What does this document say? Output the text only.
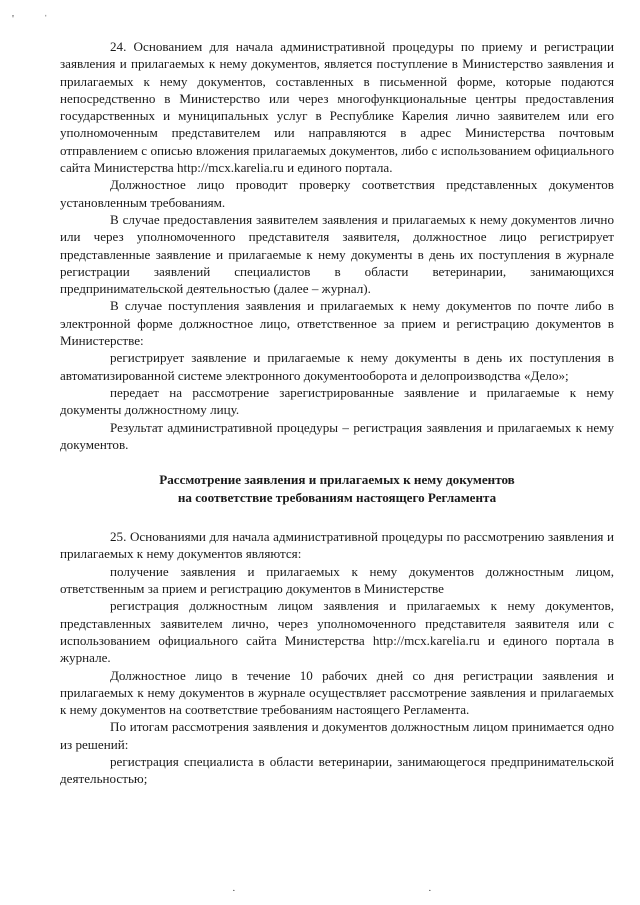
'	ˈ

24. Основанием для начала административной процедуры по приему и регистрации заявления и прилагаемых к нему документов, является поступление в Министерство заявления и прилагаемых к нему документов, составленных в письменной форме, которые подаются непосредственно в Министерство или через многофункциональные центры предоставления государственных и муниципальных услуг в Республике Карелия лично заявителем или его уполномоченным представителем или направляются в адрес Министерства почтовым отправлением с описью вложения прилагаемых документов, либо с использованием официального сайта Министерства http://mcx.karelia.ru и единого портала.

Должностное лицо проводит проверку соответствия представленных документов установленным требованиям.

В случае предоставления заявителем заявления и прилагаемых к нему документов лично или через уполномоченного представителя заявителя, должностное лицо регистрирует представленные заявление и прилагаемые к нему документы в день их поступления в журнале регистрации заявлений специалистов в области ветеринарии, занимающихся предпринимательской деятельностью (далее – журнал).

В случае поступления заявления и прилагаемых к нему документов по почте либо в электронной форме должностное лицо, ответственное за прием и регистрацию документов в Министерстве:

регистрирует заявление и прилагаемые к нему документы в день их поступления в автоматизированной системе электронного документооборота и делопроизводства «Дело»;

передает на рассмотрение зарегистрированные заявление и прилагаемые к нему документы должностному лицу.

Результат административной процедуры – регистрация заявления и прилагаемых к нему документов.

Рассмотрение заявления и прилагаемых к нему документов
на соответствие требованиям настоящего Регламента

25. Основаниями для начала административной процедуры по рассмотрению заявления и прилагаемых к нему документов являются:

получение заявления и прилагаемых к нему документов должностным лицом, ответственным за прием и регистрацию документов в Министерстве

регистрация должностным лицом заявления и прилагаемых к нему документов, представленных заявителем лично, через уполномоченного представителя заявителя или с использованием официального сайта Министерства http://mcx.karelia.ru и единого портала в журнале.

Должностное лицо в течение 10 рабочих дней со дня регистрации заявления и прилагаемых к нему документов в журнале осуществляет рассмотрение заявления и прилагаемых к нему документов на соответствие требованиям настоящего Регламента.

По итогам рассмотрения заявления и документов должностным лицом принимается одно из решений:

регистрация специалиста в области ветеринарии, занимающегося предпринимательской деятельностью;

·	·
